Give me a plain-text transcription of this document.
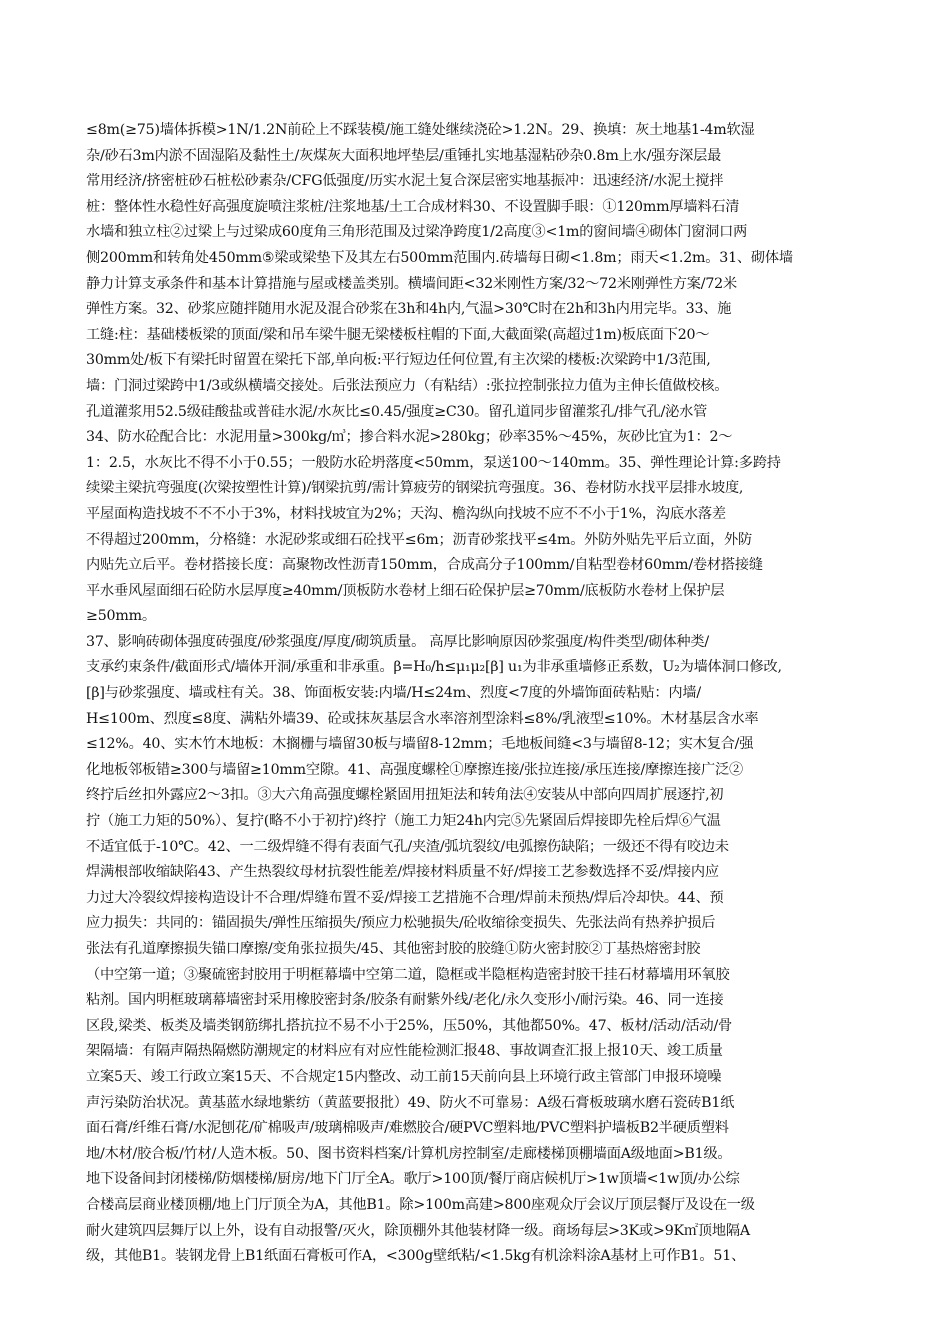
≤8m(≥75)墙体拆模>1N/1.2N前砼上不踩装模/施工缝处继续浇砼>1.2N。29、换填：灰土地基1-4m软湿
杂/砂石3m内淤不固湿陷及黏性土/灰煤灰大面积地坪垫层/重锤扎实地基湿粘砂杂0.8m上水/强夯深层最
常用经济/挤密桩砂石桩松砂素杂/CFG低强度/历实水泥土复合深层密实地基振冲：迅速经济/水泥土搅拌
桩：整体性水稳性好高强度旋喷注浆桩/注浆地基/土工合成材料30、不设置脚手眼：①120mm厚墙料石清
水墙和独立柱②过梁上与过梁成60度角三角形范围及过梁净跨度1/2高度③<1m的窗间墙④砌体门窗洞口两
侧200mm和转角处450mm⑤梁或梁垫下及其左右500mm范围内.砖墙每日砌<1.8m；雨天<1.2m。31、砌体墙
静力计算支承条件和基本计算措施与屋或楼盖类别。横墙间距<32米刚性方案/32～72米刚弹性方案/72米
弹性方案。32、砂浆应随拌随用水泥及混合砂浆在3h和4h内,气温>30℃时在2h和3h内用完毕。33、施
工缝:柱：基础楼板梁的顶面/梁和吊车梁牛腿无梁楼板柱帽的下面,大截面梁(高超过1m)板底面下20～
30mm处/板下有梁托时留置在梁托下部,单向板:平行短边任何位置,有主次梁的楼板:次梁跨中1/3范围,
墙：门洞过梁跨中1/3或纵横墙交接处。后张法预应力（有粘结）:张拉控制张拉力值为主伸长值做校核。
孔道灌浆用52.5级硅酸盐或普硅水泥/水灰比≤0.45/强度≥C30。留孔道同步留灌浆孔/排气孔/泌水管
34、防水砼配合比：水泥用量>300kg/㎥；掺合料水泥>280kg；砂率35%～45%，灰砂比宜为1：2～
1：2.5，水灰比不得不小于0.55；一般防水砼坍落度<50mm，泵送100～140mm。35、弹性理论计算:多跨持
续梁主梁抗弯强度(次梁按塑性计算)/钢梁抗剪/需计算疲劳的钢梁抗弯强度。36、卷材防水找平层排水坡度,
平屋面构造找坡不不不小于3%，材料找坡宜为2%；天沟、檐沟纵向找坡不应不不小于1%，沟底水落差
不得超过200mm，分格缝：水泥砂浆或细石砼找平≤6m；沥青砂浆找平≤4m。外防外贴先平后立面，外防
内贴先立后平。卷材搭接长度：高聚物改性沥青150mm，合成高分子100mm/自粘型卷材60mm/卷材搭接缝
平水垂风屋面细石砼防水层厚度≥40mm/顶板防水卷材上细石砼保护层≥70mm/底板防水卷材上保护层
≥50mm。
37、影响砖砌体强度砖强度/砂浆强度/厚度/砌筑质量。 高厚比影响原因砂浆强度/构件类型/砌体种类/
支承约束条件/截面形式/墙体开洞/承重和非承重。β=H₀/h≤μ₁μ₂[β] u₁为非承重墙修正系数，U₂为墙体洞口修改,
[β]与砂浆强度、墙或柱有关。38、饰面板安装:内墙/H≤24m、烈度<7度的外墙饰面砖粘贴：内墙/
H≤100m、烈度≤8度、满粘外墙39、砼或抹灰基层含水率溶剂型涂料≤8%/乳液型≤10%。木材基层含水率
≤12%。40、实木竹木地板：木搁栅与墙留30板与墙留8-12mm；毛地板间缝<3与墙留8-12；实木复合/强
化地板邻板错≥300与墙留≥10mm空隙。41、高强度螺栓①摩擦连接/张拉连接/承压连接/摩擦连接广泛②
终拧后丝扣外露应2～3扣。③大六角高强度螺栓紧固用扭矩法和转角法④安装从中部向四周扩展逐拧,初
拧（施工力矩的50%）、复拧(略不小于初拧)终拧（施工力矩24h内完⑤先紧固后焊接即先栓后焊⑥气温
不适宜低于-10℃。42、一二级焊缝不得有表面气孔/夹渣/弧坑裂纹/电弧擦伤缺陷；一级还不得有咬边未
焊满根部收缩缺陷43、产生热裂纹母材抗裂性能差/焊接材料质量不好/焊接工艺参数选择不妥/焊接内应
力过大冷裂纹焊接构造设计不合理/焊缝布置不妥/焊接工艺措施不合理/焊前未预热/焊后冷却快。44、预
应力损失：共同的：锚固损失/弹性压缩损失/预应力松驰损失/砼收缩徐变损失、先张法尚有热养护损后
张法有孔道摩擦损失锚口摩擦/变角张拉损失/45、其他密封胶的胶缝①防火密封胶②丁基热熔密封胶
（中空第一道；③聚硫密封胶用于明框幕墙中空第二道，隐框或半隐框构造密封胶干挂石材幕墙用环氧胶
粘剂。国内明框玻璃幕墙密封采用橡胶密封条/胶条有耐紫外线/老化/永久变形小/耐污染。46、同一连接
区段,梁类、板类及墙类钢筋绑扎搭抗拉不易不小于25%，压50%，其他都50%。47、板材/活动/活动/骨
架隔墙：有隔声隔热隔燃防潮规定的材料应有对应性能检测汇报48、事故调查汇报上报10天、竣工质量
立案5天、竣工行政立案15天、不合规定15内整改、动工前15天前向县上环境行政主管部门申报环境噪
声污染防治状况。黄基蓝水绿地紫纺（黄蓝要报批）49、防火不可靠易：A级石膏板玻璃水磨石瓷砖B1纸
面石膏/纤维石膏/水泥刨花/矿棉吸声/玻璃棉吸声/难燃胶合/硬PVC塑料地/PVC塑料护墙板B2半硬质塑料
地/木材/胶合板/竹材/人造木板。50、图书资料档案/计算机房控制室/走廊楼梯顶棚墙面A级地面>B1级。
地下设备间封闭楼梯/防烟楼梯/厨房/地下门厅全A。歌厅>100顶/餐厅商店候机厅>1w顶墙<1w顶/办公综
合楼高层商业楼顶棚/地上门厅顶全为A，其他B1。除>100m高建>800座观众厅会议厅顶层餐厅及设在一级
耐火建筑四层舞厅以上外，设有自动报警/灭火，除顶棚外其他装材降一级。商场每层>3K或>9K㎡顶地隔A
级，其他B1。装钢龙骨上B1纸面石膏板可作A，<300g壁纸粘/<1.5kg有机涂料涂A基材上可作B1。51、
